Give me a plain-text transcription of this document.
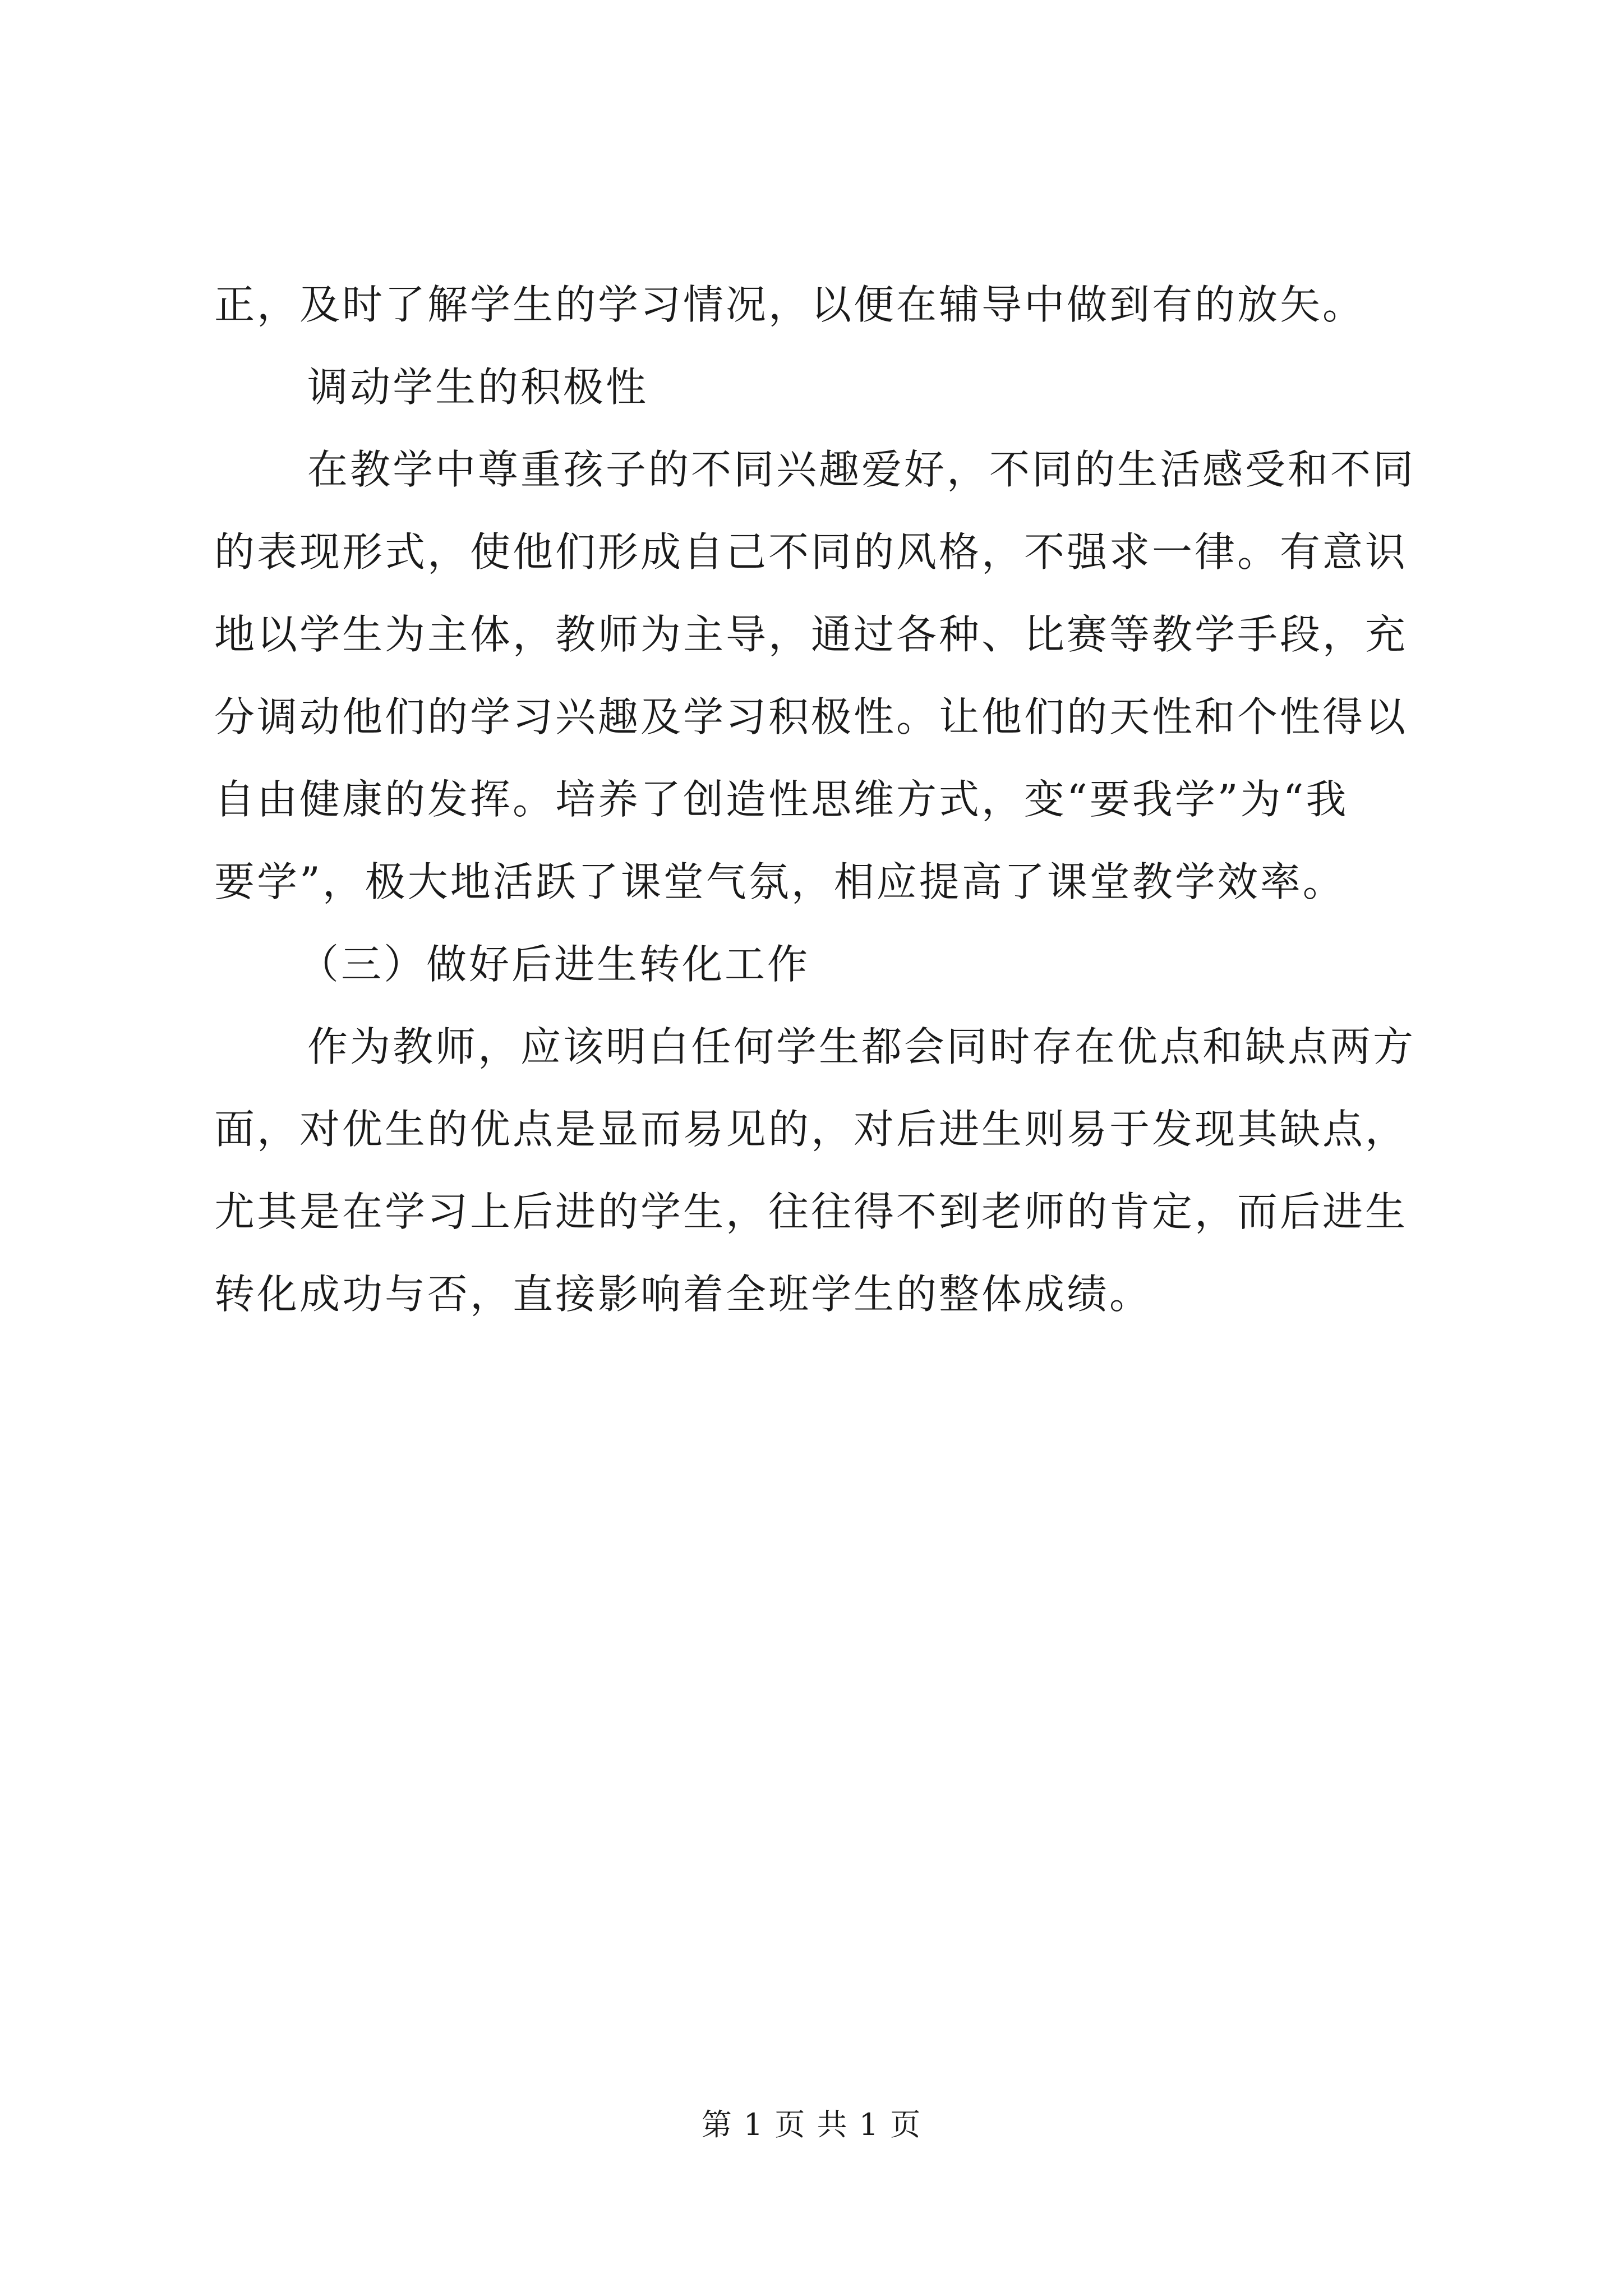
正，及时了解学生的学习情况，以便在辅导中做到有的放矢。
调动学生的积极性
在教学中尊重孩子的不同兴趣爱好，不同的生活感受和不同
的表现形式，使他们形成自己不同的风格，不强求一律。有意识
地以学生为主体，教师为主导，通过各种、比赛等教学手段，充
分调动他们的学习兴趣及学习积极性。让他们的天性和个性得以
自由健康的发挥。培养了创造性思维方式，变“要我学”为“我
要学”，极大地活跃了课堂气氛，相应提高了课堂教学效率。
（三）做好后进生转化工作
作为教师，应该明白任何学生都会同时存在优点和缺点两方
面，对优生的优点是显而易见的，对后进生则易于发现其缺点，
尤其是在学习上后进的学生，往往得不到老师的肯定，而后进生
转化成功与否，直接影响着全班学生的整体成绩。
第 1 页 共 1 页
